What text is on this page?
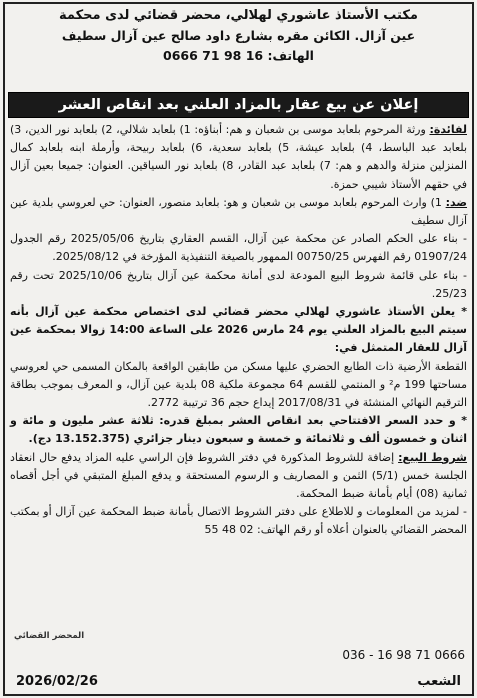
مكتب الأستاذ عاشوري لهلالي، محضر قضائي لدى محكمة
عين آزال. الكائن مقره بشارع داود صالح عين آزال سطيف
الهاتف: 16 98 71 0666
إعلان عن بيع عقار بالمزاد العلني بعد انقاص العشر

لفائدة: ورثة المرحوم بلعابد موسى بن شعبان و هم: أبناؤه: 1) بلعابد شلالي، 2) بلعابد نور الدين، 3) بلعابد عبد الباسط، 4) بلعابد عيشة، 5) بلعابد سعدية، 6) بلعابد ربيحة، وأرملة ابنه بلعابد كمال المنزلين منزلة والدهم و هم: 7) بلعابد عبد القادر، 8) بلعابد نور السياقين. العنوان: جميعا بعين آزال في حقهم الأستاذ شيبي حمزة.

ضد: 1) وارث المرحوم بلعابد موسى بن شعبان و هو: بلعابد منصور، العنوان: حي لعروسي بلدية عين آزال سطيف

- بناء على الحكم الصادر عن محكمة عين آزال، القسم العقاري بتاريخ 2025/05/06 رقم الجدول 01907/24 رقم الفهرس 00750/25 الممهور بالصيغة التنفيذية المؤرخة في 2025/08/12.

- بناء على قائمة شروط البيع المودعة لدى أمانة محكمة عين آزال بتاريخ 2025/10/06 تحت رقم 25/23.

* يعلن الأستاذ عاشوري لهلالي محضر قضائي لدى اختصاص محكمة عين آزال بأنه سيتم البيع بالمزاد العلني يوم 24 مارس 2026 على الساعة 14:00 زوالا بمحكمة عين آزال للعقار المتمثل في:

القطعة الأرضية ذات الطابع الحضري عليها مسكن من طابقين الواقعة بالمكان المسمى حي لعروسي مساحتها 199 م² و المنتمي للقسم 64 مجموعة ملكية 08 بلدية عين آزال، و المعرف بموجب بطاقة الترقيم النهائي المنشئة في 2017/08/31 إيداع حجم 36 ترتيبة 2772.

* و حدد السعر الافتتاحي بعد انقاص العشر بمبلغ قدره: ثلاثة عشر مليون و مائة و اثنان و خمسون ألف و ثلاثمائة و خمسة و سبعون دينار جزائري (13.152.375 دج).

شروط البيع: إضافة للشروط المذكورة في دفتر الشروط فإن الراسي عليه المزاد يدفع حال انعقاد الجلسة خمس (5/1) الثمن و المصاريف و الرسوم المستحقة و يدفع المبلغ المتبقي في أجل أقصاه ثمانية (08) أيام بأمانة ضبط المحكمة.

- لمزيد من المعلومات و للاطلاع على دفتر الشروط الاتصال بأمانة ضبط المحكمة عين آزال أو بمكتب المحضر القضائي بالعنوان أعلاه أو رقم الهاتف: 02 48 55

المحضر القضائي
036 - 16 98 71 0666
الشعب
2026/02/26
